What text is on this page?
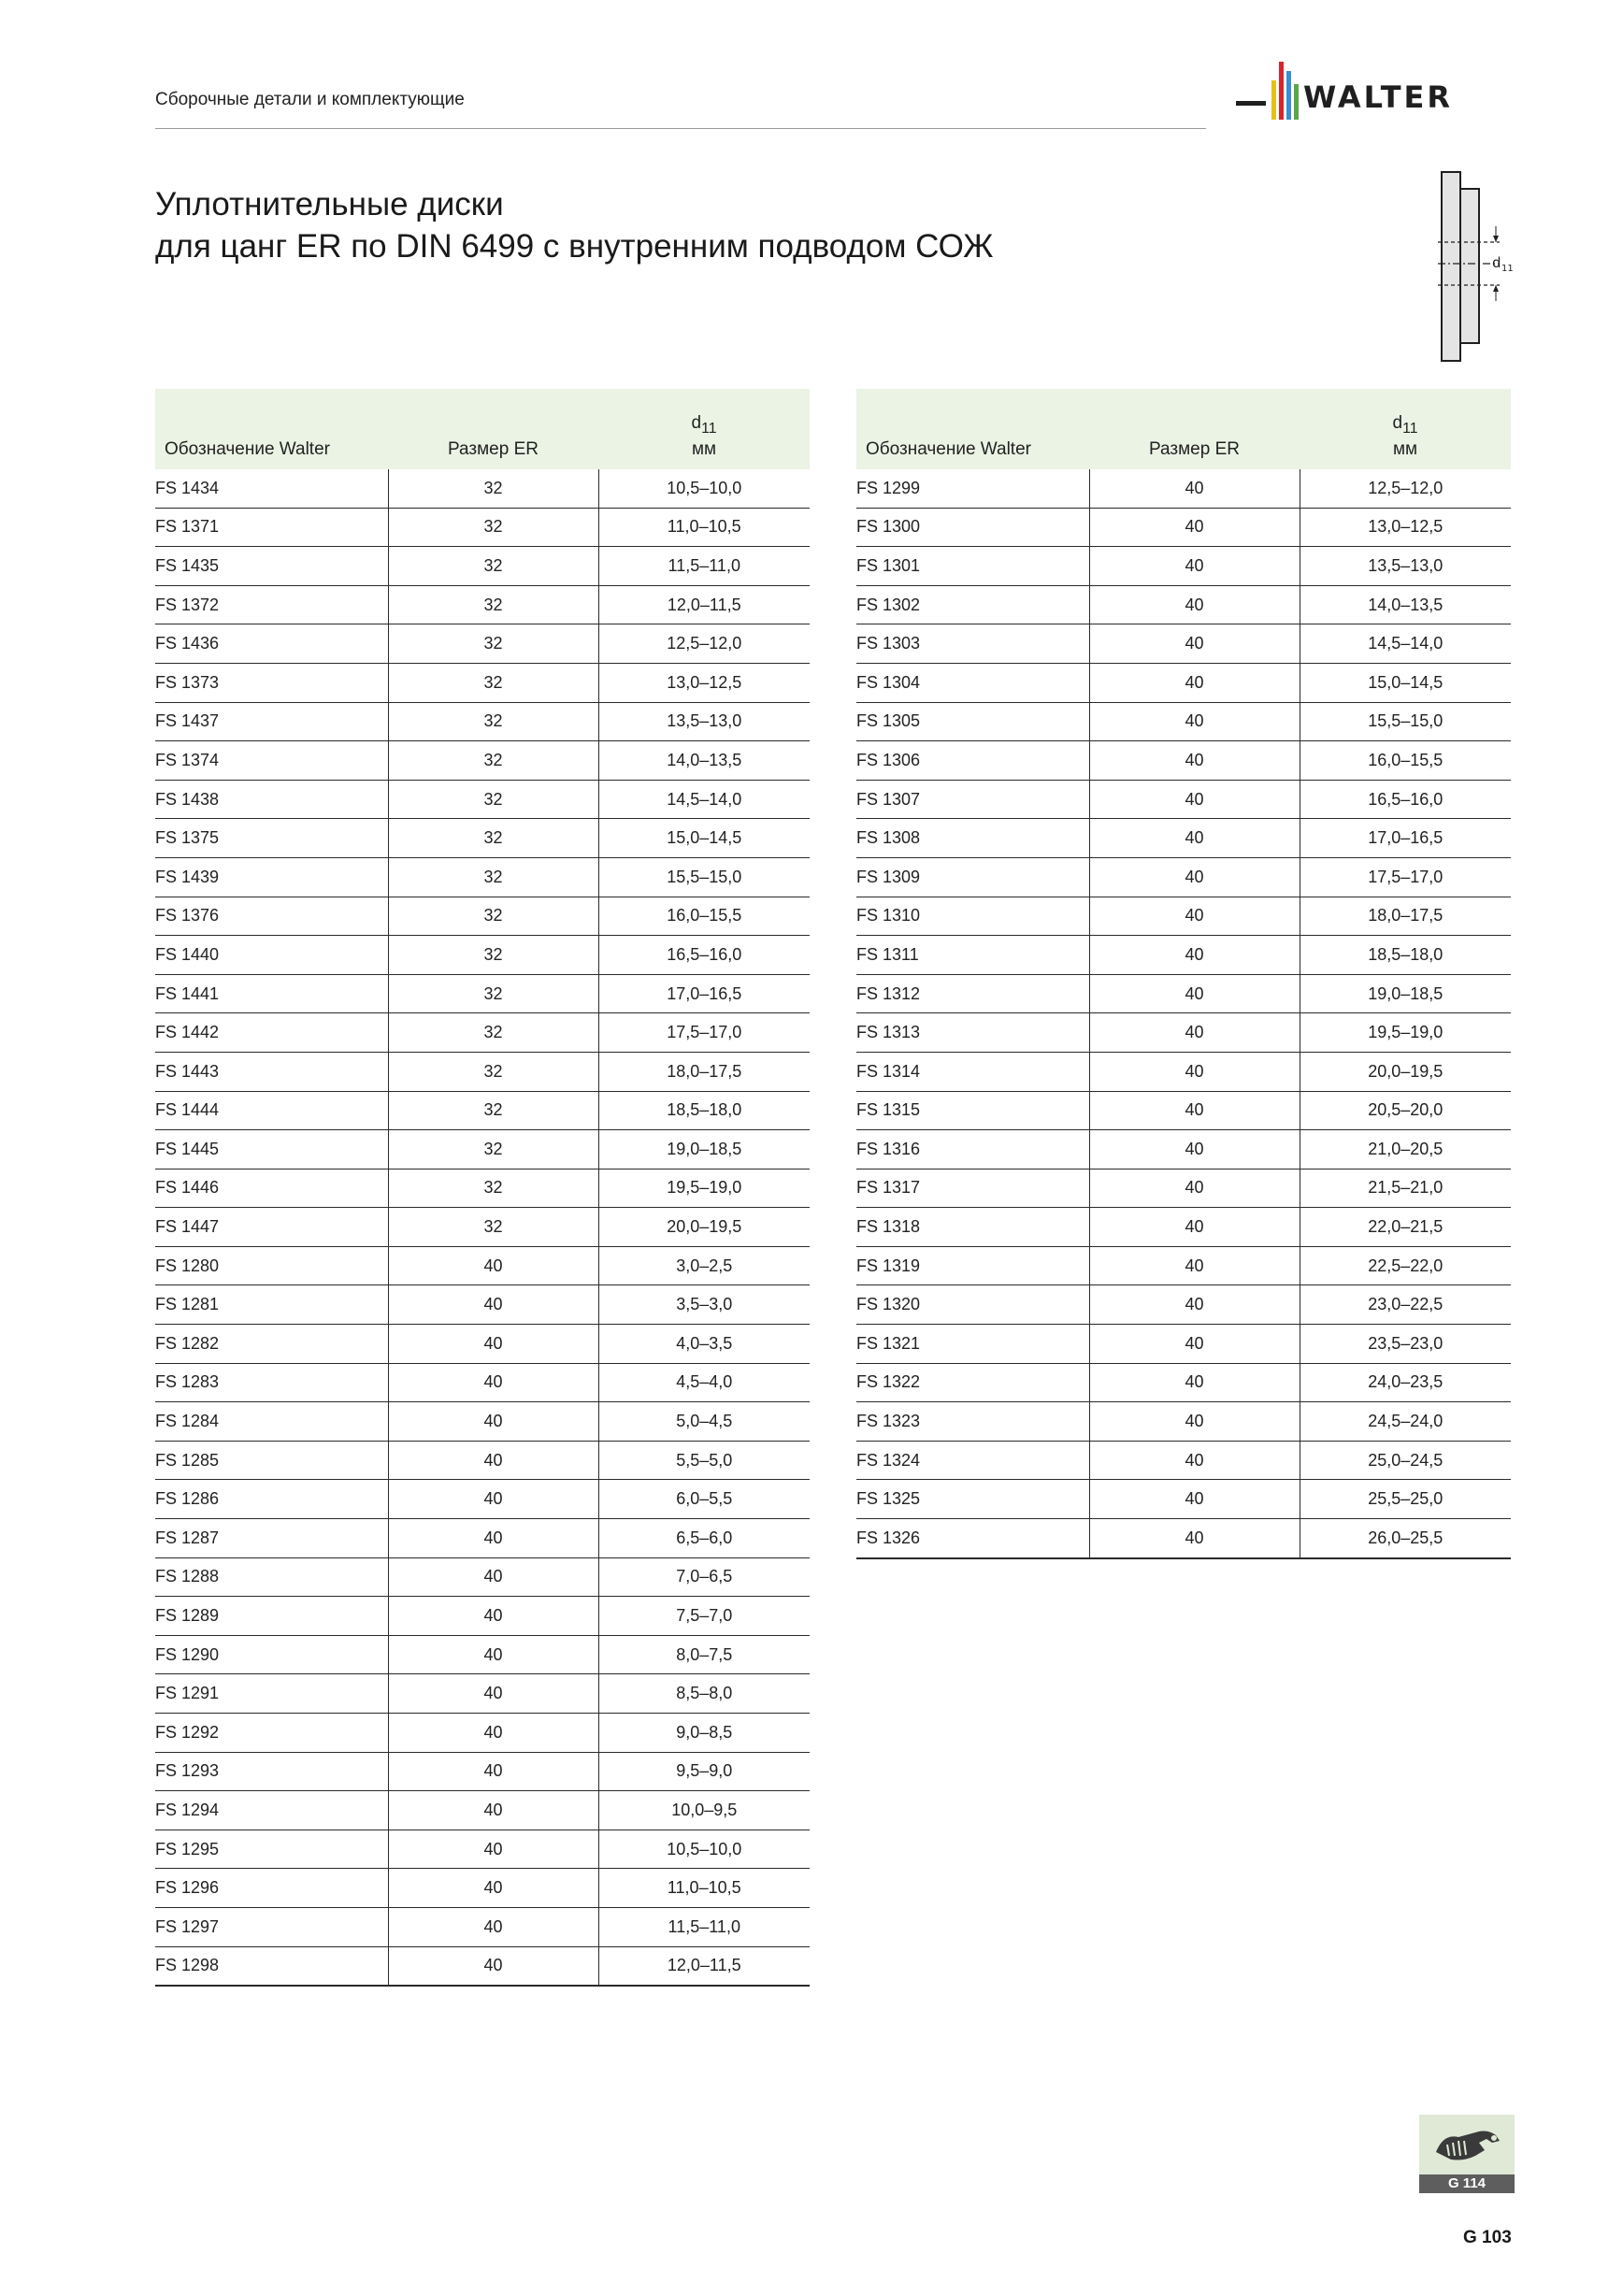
Сборочные детали и комплектующие	WALTER
Уплотнительные диски
для цанг ER по DIN 6499 с внутренним подводом СОЖ	d 11
Обозначение Walter	Размер ER	$d_{11}$
мм
FS 1434	32	10,5–10,0
FS 1371	32	11,0–10,5
FS 1435	32	11,5–11,0
FS 1372	32	12,0–11,5
FS 1436	32	12,5–12,0
FS 1373	32	13,0–12,5
FS 1437	32	13,5–13,0
FS 1374	32	14,0–13,5
FS 1438	32	14,5–14,0
FS 1375	32	15,0–14,5
FS 1439	32	15,5–15,0
FS 1376	32	16,0–15,5
FS 1440	32	16,5–16,0
FS 1441	32	17,0–16,5
FS 1442	32	17,5–17,0
FS 1443	32	18,0–17,5
FS 1444	32	18,5–18,0
FS 1445	32	19,0–18,5
FS 1446	32	19,5–19,0
FS 1447	32	20,0–19,5
FS 1280	40	3,0–2,5
FS 1281	40	3,5–3,0
FS 1282	40	4,0–3,5
FS 1283	40	4,5–4,0
FS 1284	40	5,0–4,5
FS 1285	40	5,5–5,0
FS 1286	40	6,0–5,5
FS 1287	40	6,5–6,0
FS 1288	40	7,0–6,5
FS 1289	40	7,5–7,0
FS 1290	40	8,0–7,5
FS 1291	40	8,5–8,0
FS 1292	40	9,0–8,5
FS 1293	40	9,5–9,0
FS 1294	40	10,0–9,5
FS 1295	40	10,5–10,0
FS 1296	40	11,0–10,5
FS 1297	40	11,5–11,0
FS 1298	40	12,0–11,5
Обозначение Walter	Размер ER	$d_{11}$
мм
FS 1299	40	12,5–12,0
FS 1300	40	13,0–12,5
FS 1301	40	13,5–13,0
FS 1302	40	14,0–13,5
FS 1303	40	14,5–14,0
FS 1304	40	15,0–14,5
FS 1305	40	15,5–15,0
FS 1306	40	16,0–15,5
FS 1307	40	16,5–16,0
FS 1308	40	17,0–16,5
FS 1309	40	17,5–17,0
FS 1310	40	18,0–17,5
FS 1311	40	18,5–18,0
FS 1312	40	19,0–18,5
FS 1313	40	19,5–19,0
FS 1314	40	20,0–19,5
FS 1315	40	20,5–20,0
FS 1316	40	21,0–20,5
FS 1317	40	21,5–21,0
FS 1318	40	22,0–21,5
FS 1319	40	22,5–22,0
FS 1320	40	23,0–22,5
FS 1321	40	23,5–23,0
FS 1322	40	24,0–23,5
FS 1323	40	24,5–24,0
FS 1324	40	25,0–24,5
FS 1325	40	25,5–25,0
FS 1326	40	26,0–25,5
G 114
G 103
